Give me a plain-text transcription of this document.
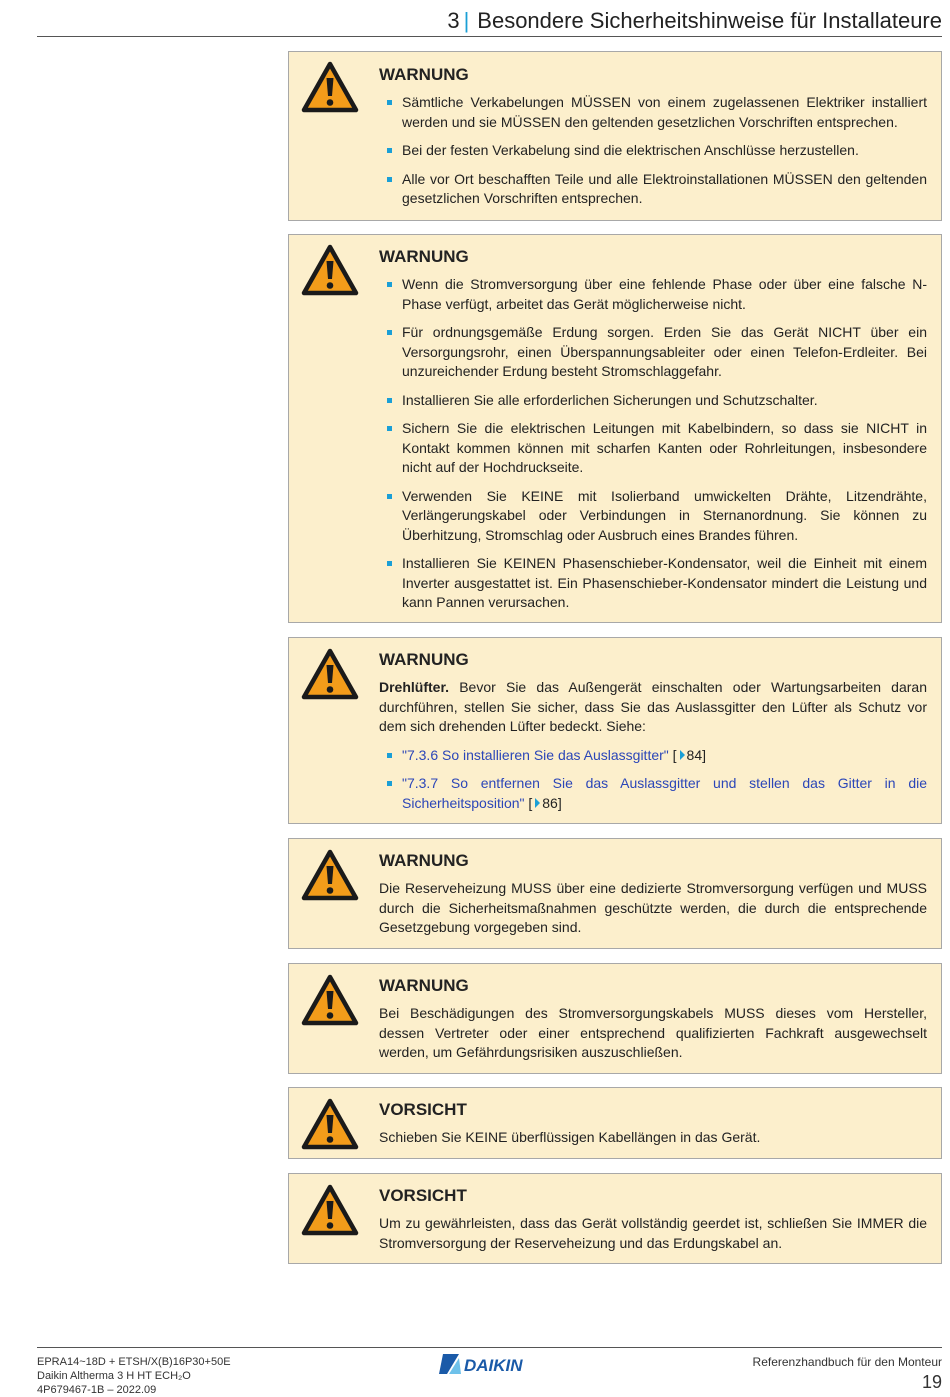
3 | Besondere Sicherheitshinweise für Installateure
WARNUNG
Sämtliche Verkabelungen MÜSSEN von einem zugelassenen Elektriker installiert werden und sie MÜSSEN den geltenden gesetzlichen Vorschriften entsprechen.
Bei der festen Verkabelung sind die elektrischen Anschlüsse herzustellen.
Alle vor Ort beschafften Teile und alle Elektroinstallationen MÜSSEN den geltenden gesetzlichen Vorschriften entsprechen.
WARNUNG
Wenn die Stromversorgung über eine fehlende Phase oder über eine falsche N-Phase verfügt, arbeitet das Gerät möglicherweise nicht.
Für ordnungsgemäße Erdung sorgen. Erden Sie das Gerät NICHT über ein Versorgungsrohr, einen Überspannungsableiter oder einen Telefon-Erdleiter. Bei unzureichender Erdung besteht Stromschlaggefahr.
Installieren Sie alle erforderlichen Sicherungen und Schutzschalter.
Sichern Sie die elektrischen Leitungen mit Kabelbindern, so dass sie NICHT in Kontakt kommen können mit scharfen Kanten oder Rohrleitungen, insbesondere nicht auf der Hochdruckseite.
Verwenden Sie KEINE mit Isolierband umwickelten Drähte, Litzendrähte, Verlängerungskabel oder Verbindungen in Sternanordnung. Sie können zu Überhitzung, Stromschlag oder Ausbruch eines Brandes führen.
Installieren Sie KEINEN Phasenschieber-Kondensator, weil die Einheit mit einem Inverter ausgestattet ist. Ein Phasenschieber-Kondensator mindert die Leistung und kann Pannen verursachen.
WARNUNG
Drehlüfter. Bevor Sie das Außengerät einschalten oder Wartungsarbeiten daran durchführen, stellen Sie sicher, dass Sie das Auslassgitter den Lüfter als Schutz vor dem sich drehenden Lüfter bedeckt. Siehe:
"7.3.6 So installieren Sie das Auslassgitter" [ 84]
"7.3.7 So entfernen Sie das Auslassgitter und stellen das Gitter in die Sicherheitsposition" [ 86]
WARNUNG
Die Reserveheizung MUSS über eine dedizierte Stromversorgung verfügen und MUSS durch die Sicherheitsmaßnahmen geschützte werden, die durch die entsprechende Gesetzgebung vorgegeben sind.
WARNUNG
Bei Beschädigungen des Stromversorgungskabels MUSS dieses vom Hersteller, dessen Vertreter oder einer entsprechend qualifizierten Fachkraft ausgewechselt werden, um Gefährdungsrisiken auszuschließen.
VORSICHT
Schieben Sie KEINE überflüssigen Kabellängen in das Gerät.
VORSICHT
Um zu gewährleisten, dass das Gerät vollständig geerdet ist, schließen Sie IMMER die Stromversorgung der Reserveheizung und das Erdungskabel an.
EPRA14~18D + ETSH/X(B)16P30+50E
Daikin Altherma 3 H HT ECH₂O
4P679467-1B – 2022.09
DAIKIN	Referenzhandbuch für den Monteur
19
